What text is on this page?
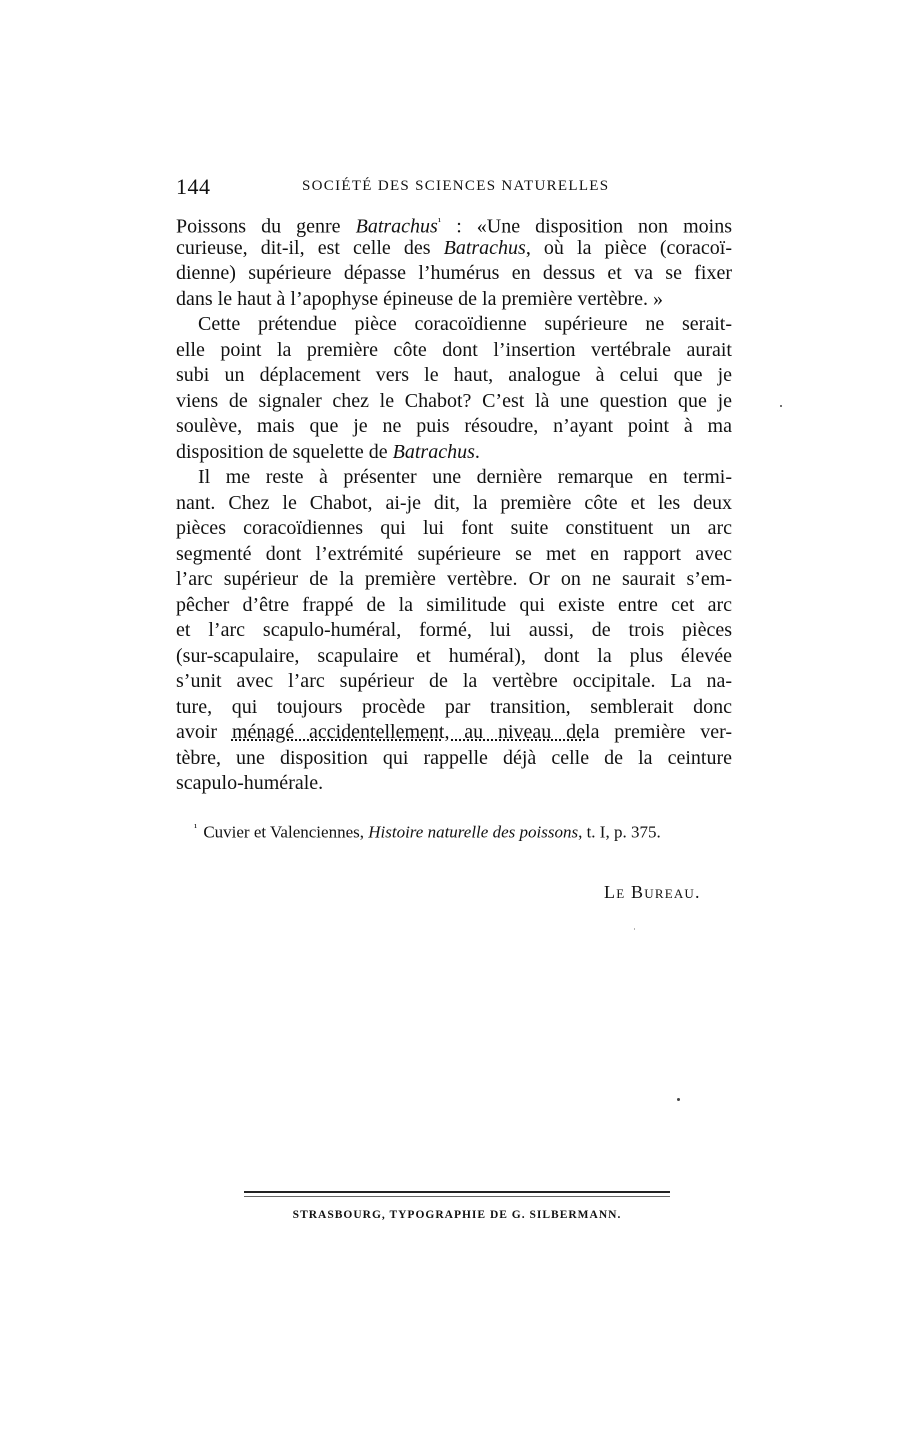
144	SOCIÉTÉ DES SCIENCES NATURELLES
Poissons du genre Batrachus$^{^1}$ : «Une disposition non moins
curieuse, dit-il, est celle des Batrachus, où la pièce (coracoï-
dienne) supérieure dépasse l’humérus en dessus et va se fixer
dans le haut à l’apophyse épineuse de la première vertèbre. »
Cette prétendue pièce coracoïdienne supérieure ne serait-
elle point la première côte dont l’insertion vertébrale aurait
subi un déplacement vers le haut, analogue à celui que je
viens de signaler chez le Chabot? C’est là une question que je
soulève, mais que je ne puis résoudre, n’ayant point à ma
disposition de squelette de Batrachus.
Il me reste à présenter une dernière remarque en termi-
nant. Chez le Chabot, ai-je dit, la première côte et les deux
pièces coracoïdiennes qui lui font suite constituent un arc
segmenté dont l’extrémité supérieure se met en rapport avec
l’arc supérieur de la première vertèbre. Or on ne saurait s’em-
pêcher d’être frappé de la similitude qui existe entre cet arc
et l’arc scapulo-huméral, formé, lui aussi, de trois pièces
(sur-scapulaire, scapulaire et huméral), dont la plus élevée
s’unit avec l’arc supérieur de la vertèbre occipitale. La na-
ture, qui toujours procède par transition, semblerait donc
avoir ménagé accidentellement, au niveau dela première ver-
tèbre, une disposition qui rappelle déjà celle de la ceinture
scapulo-humérale.
$^{^1}$ Cuvier et Valenciennes, Histoire naturelle des poissons, t. I, p. 375.
Le Bureau.
STRASBOURG, TYPOGRAPHIE DE G. SILBERMANN.
